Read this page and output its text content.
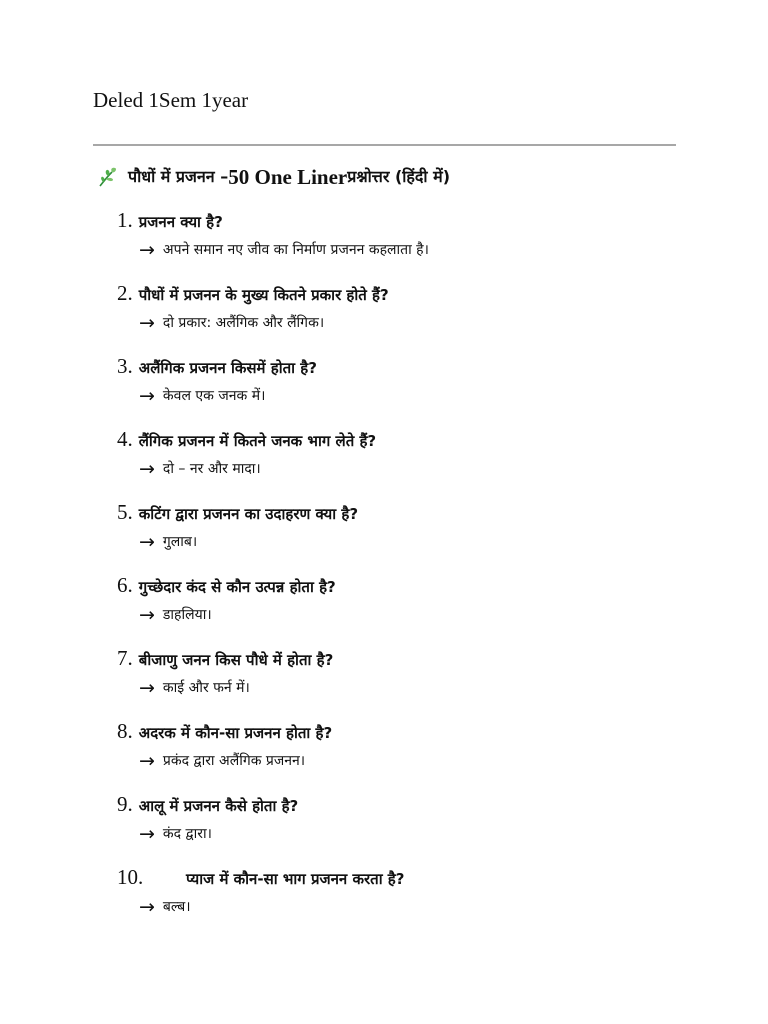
Deled 1Sem 1year
पौधों में प्रजनन – 50 One Liner प्रश्नोत्तर (हिंदी में)
1. प्रजनन क्या है?
→ अपने समान नए जीव का निर्माण प्रजनन कहलाता है।
2. पौधों में प्रजनन के मुख्य कितने प्रकार होते हैं?
→ दो प्रकार: अलैंगिक और लैंगिक।
3. अलैंगिक प्रजनन किसमें होता है?
→ केवल एक जनक में।
4. लैंगिक प्रजनन में कितने जनक भाग लेते हैं?
→ दो – नर और मादा।
5. कटिंग द्वारा प्रजनन का उदाहरण क्या है?
→ गुलाब।
6. गुच्छेदार कंद से कौन उत्पन्न होता है?
→ डाहलिया।
7. बीजाणु जनन किस पौधे में होता है?
→ काई और फर्न में।
8. अदरक में कौन-सा प्रजनन होता है?
→ प्रकंद द्वारा अलैंगिक प्रजनन।
9. आलू में प्रजनन कैसे होता है?
→ कंद द्वारा।
10.	प्याज में कौन-सा भाग प्रजनन करता है?
→ बल्ब।
